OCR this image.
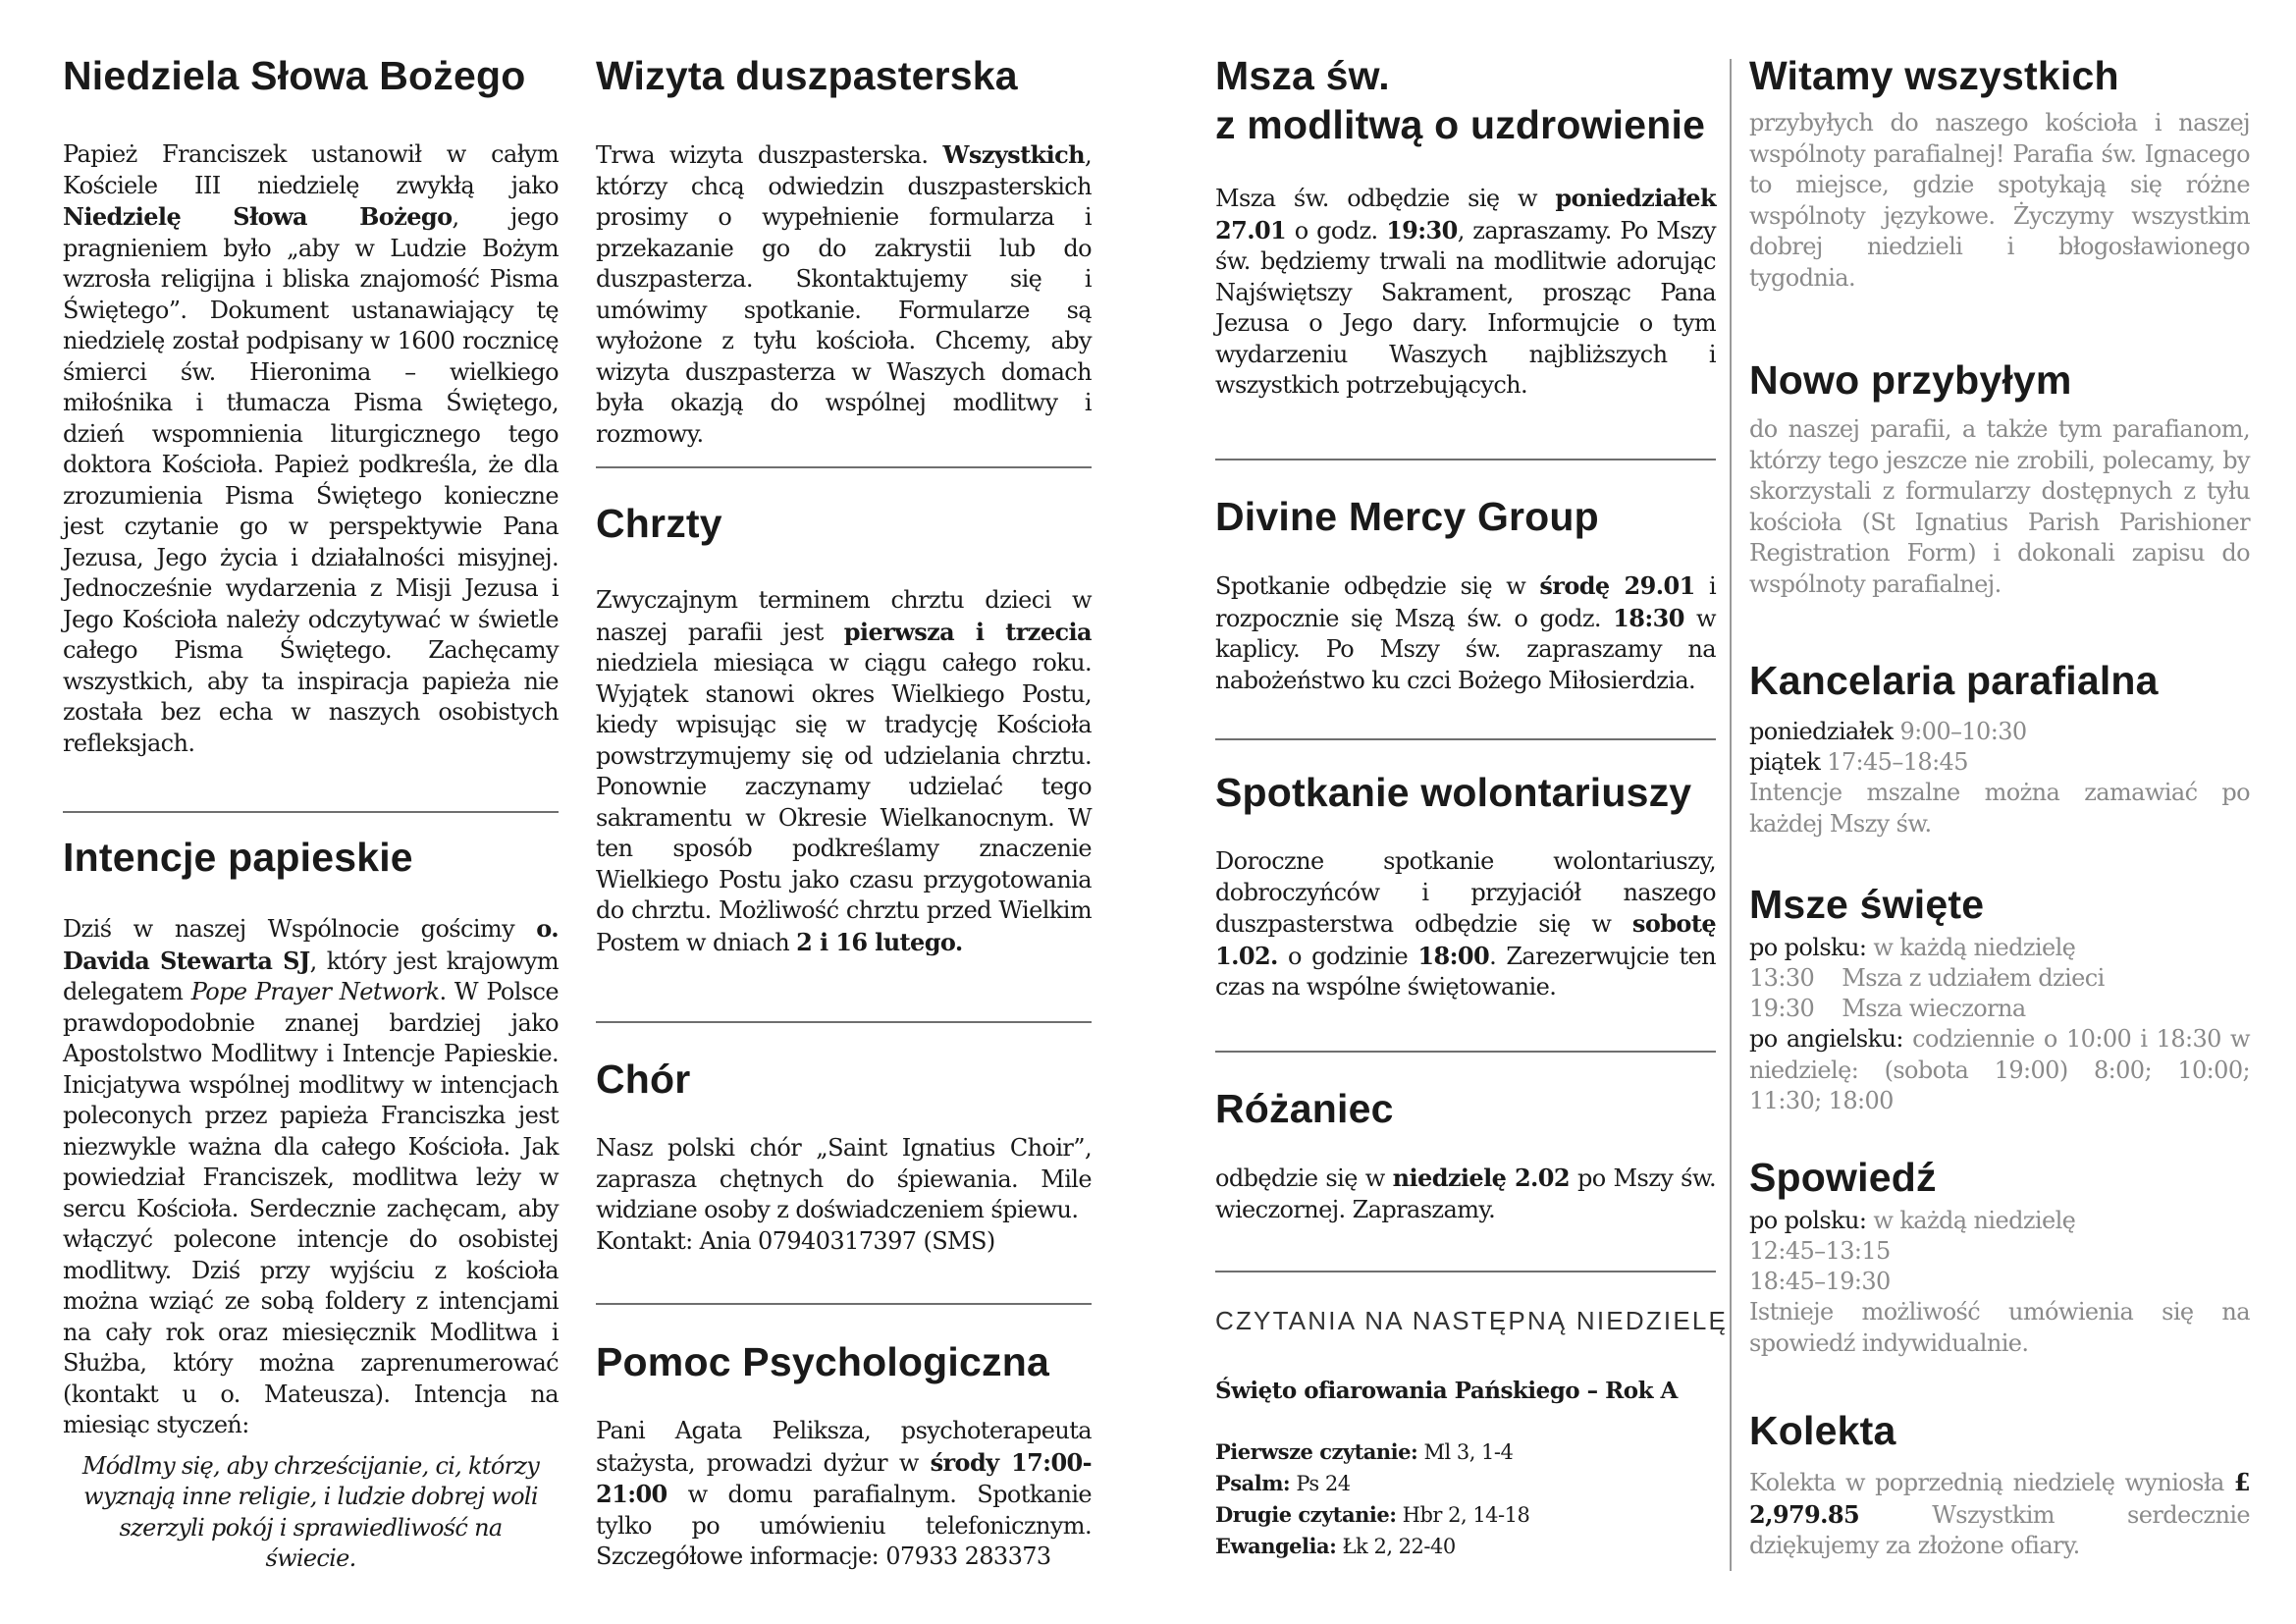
Niedziela Słowa Bożego

Papież Franciszek ustanowił w całym Kościele III niedzielę zwykłą jako Niedzielę Słowa Bożego, jego pragnieniem było „aby w Ludzie Bożym wzrosła religijna i bliska znajomość Pisma Świętego”. Dokument ustanawiający tę niedzielę został podpisany w 1600 rocznicę śmierci św. Hieronima – wielkiego miłośnika i tłumacza Pisma Świętego, dzień wspomnienia liturgicznego tego doktora Kościoła. Papież podkreśla, że dla zrozumienia Pisma Świętego konieczne jest czytanie go w perspektywie Pana Jezusa, Jego życia i działalności misyjnej. Jednocześnie wydarzenia z Misji Jezusa i Jego Kościoła należy odczytywać w świetle całego Pisma Świętego. Zachęcamy wszystkich, aby ta inspiracja papieża nie została bez echa w naszych osobistych refleksjach.

Intencje papieskie

Dziś w naszej Wspólnocie gościmy o. Davida Stewarta SJ, który jest krajowym delegatem Pope Prayer Network. W Polsce prawdopodobnie znanej bardziej jako Apostolstwo Modlitwy i Intencje Papieskie. Inicjatywa wspólnej modlitwy w intencjach poleconych przez papieża Franciszka jest niezwykle ważna dla całego Kościoła. Jak powiedział Franciszek, modlitwa leży w sercu Kościoła. Serdecznie zachęcam, aby włączyć polecone intencje do osobistej modlitwy. Dziś przy wyjściu z kościoła można wziąć ze sobą foldery z intencjami na cały rok oraz miesięcznik Modlitwa i Służba, który można zaprenumerować (kontakt u o. Mateusza). Intencja na miesiąc styczeń:

Módlmy się, aby chrześcijanie, ci, którzy wyznają inne religie, i ludzie dobrej woli szerzyli pokój i sprawiedliwość na świecie.

Wizyta duszpasterska

Trwa wizyta duszpasterska. Wszystkich, którzy chcą odwiedzin duszpasterskich prosimy o wypełnienie formularza i przekazanie go do zakrystii lub do duszpasterza. Skontaktujemy się i umówimy spotkanie. Formularze są wyłożone z tyłu kościoła. Chcemy, aby wizyta duszpasterza w Waszych domach była okazją do wspólnej modlitwy i rozmowy.

Chrzty

Zwyczajnym terminem chrztu dzieci w naszej parafii jest pierwsza i trzecia niedziela miesiąca w ciągu całego roku. Wyjątek stanowi okres Wielkiego Postu, kiedy wpisując się w tradycję Kościoła powstrzymujemy się od udzielania chrztu. Ponownie zaczynamy udzielać tego sakramentu w Okresie Wielkanocnym. W ten sposób podkreślamy znaczenie Wielkiego Postu jako czasu przygotowania do chrztu. Możliwość chrztu przed Wielkim Postem w dniach 2 i 16 lutego.

Chór

Nasz polski chór „Saint Ignatius Choir”, zaprasza chętnych do śpiewania. Mile widziane osoby z doświadczeniem śpiewu.

Kontakt: Ania 07940317397 (SMS)

Pomoc Psychologiczna

Pani Agata Peliksza, psychoterapeuta stażysta, prowadzi dyżur w środy 17:00-21:00 w domu parafialnym. Spotkanie tylko po umówieniu telefonicznym. Szczegółowe informacje: 07933 283373

Msza św.
z modlitwą o uzdrowienie

Msza św. odbędzie się w poniedziałek 27.01 o godz. 19:30, zapraszamy. Po Mszy św. będziemy trwali na modlitwie adorując Najświętszy Sakrament, prosząc Pana Jezusa o Jego dary. Informujcie o tym wydarzeniu Waszych najbliższych i wszystkich potrzebujących.

Divine Mercy Group

Spotkanie odbędzie się w środę 29.01 i rozpocznie się Mszą św. o godz. 18:30 w kaplicy. Po Mszy św. zapraszamy na nabożeństwo ku czci Bożego Miłosierdzia.

Spotkanie wolontariuszy

Doroczne spotkanie wolontariuszy, dobroczyńców i przyjaciół naszego duszpasterstwa odbędzie się w sobotę 1.02. o godzinie 18:00. Zarezerwujcie ten czas na wspólne świętowanie.

Różaniec

odbędzie się w niedzielę 2.02 po Mszy św. wieczornej. Zapraszamy.

CZYTANIA NA NASTĘPNĄ NIEDZIELĘ

Święto ofiarowania Pańskiego – Rok A

Pierwsze czytanie: Ml 3, 1-4

Psalm: Ps 24

Drugie czytanie: Hbr 2, 14-18

Ewangelia: Łk 2, 22-40

Witamy wszystkich

przybyłych do naszego kościoła i naszej wspólnoty parafialnej! Parafia św. Ignacego to miejsce, gdzie spotykają się różne wspólnoty językowe. Życzymy wszystkim dobrej niedzieli i błogosławionego tygodnia.

Nowo przybyłym

do naszej parafii, a także tym parafianom, którzy tego jeszcze nie zrobili, polecamy, by skorzystali z formularzy dostępnych z tyłu kościoła (St Ignatius Parish Parishioner Registration Form) i dokonali zapisu do wspólnoty parafialnej.

Kancelaria parafialna

poniedziałek 9:00–10:30

piątek 17:45–18:45

Intencje mszalne można zamawiać po każdej Mszy św.

Msze święte

po polsku: w każdą niedzielę

13:30    Msza z udziałem dzieci

19:30    Msza wieczorna

po angielsku: codziennie o 10:00 i 18:30 w niedzielę: (sobota 19:00) 8:00; 10:00; 11:30; 18:00

Spowiedź

po polsku: w każdą niedzielę

12:45–13:15

18:45–19:30

Istnieje możliwość umówienia się na spowiedź indywidualnie.

Kolekta

Kolekta w poprzednią niedzielę wyniosła £ 2,979.85 Wszystkim serdecznie dziękujemy za złożone ofiary.
